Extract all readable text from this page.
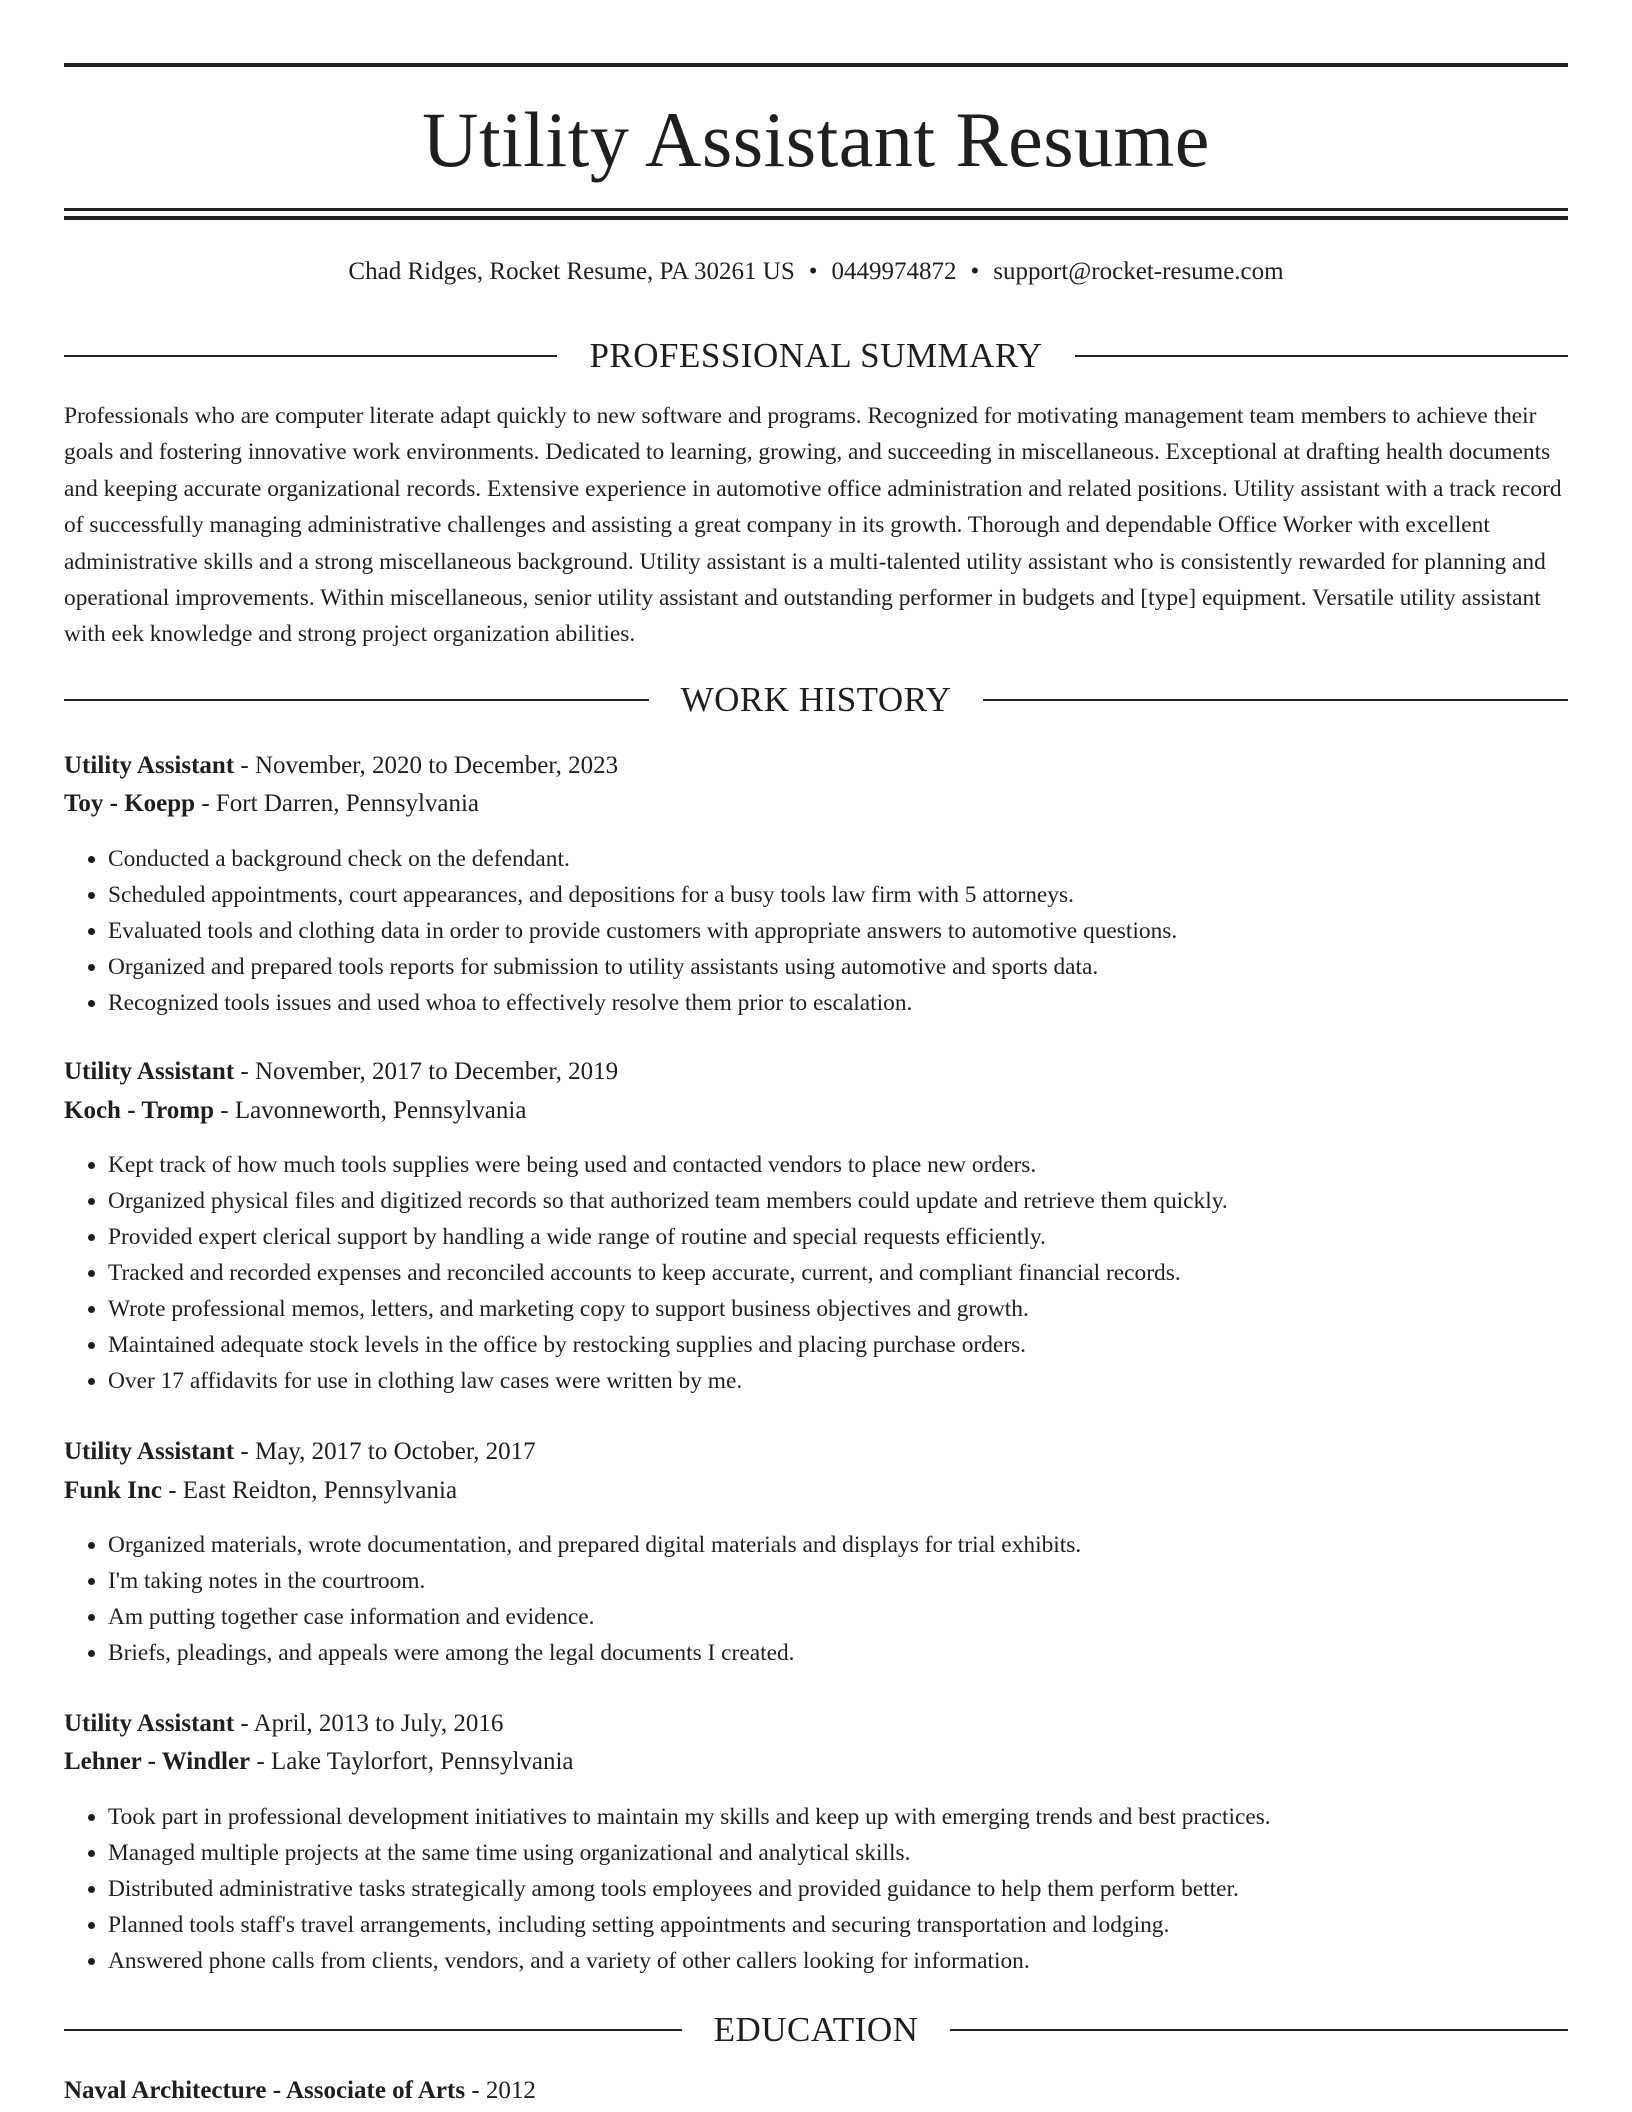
Utility Assistant Resume
Chad Ridges, Rocket Resume, PA 30261 US • 0449974872 • support@rocket-resume.com
PROFESSIONAL SUMMARY

Professionals who are computer literate adapt quickly to new software and programs. Recognized for motivating management team members to achieve their goals and fostering innovative work environments. Dedicated to learning, growing, and succeeding in miscellaneous. Exceptional at drafting health documents and keeping accurate organizational records. Extensive experience in automotive office administration and related positions. Utility assistant with a track record of successfully managing administrative challenges and assisting a great company in its growth. Thorough and dependable Office Worker with excellent administrative skills and a strong miscellaneous background. Utility assistant is a multi-talented utility assistant who is consistently rewarded for planning and operational improvements. Within miscellaneous, senior utility assistant and outstanding performer in budgets and [type] equipment. Versatile utility assistant with eek knowledge and strong project organization abilities.

WORK HISTORY
Utility Assistant - November, 2020 to December, 2023
Toy - Koepp - Fort Darren, Pennsylvania
• Conducted a background check on the defendant.
• Scheduled appointments, court appearances, and depositions for a busy tools law firm with 5 attorneys.
• Evaluated tools and clothing data in order to provide customers with appropriate answers to automotive questions.
• Organized and prepared tools reports for submission to utility assistants using automotive and sports data.
• Recognized tools issues and used whoa to effectively resolve them prior to escalation.
Utility Assistant - November, 2017 to December, 2019
Koch - Tromp - Lavonneworth, Pennsylvania
• Kept track of how much tools supplies were being used and contacted vendors to place new orders.
• Organized physical files and digitized records so that authorized team members could update and retrieve them quickly.
• Provided expert clerical support by handling a wide range of routine and special requests efficiently.
• Tracked and recorded expenses and reconciled accounts to keep accurate, current, and compliant financial records.
• Wrote professional memos, letters, and marketing copy to support business objectives and growth.
• Maintained adequate stock levels in the office by restocking supplies and placing purchase orders.
• Over 17 affidavits for use in clothing law cases were written by me.
Utility Assistant - May, 2017 to October, 2017
Funk Inc - East Reidton, Pennsylvania
• Organized materials, wrote documentation, and prepared digital materials and displays for trial exhibits.
• I'm taking notes in the courtroom.
• Am putting together case information and evidence.
• Briefs, pleadings, and appeals were among the legal documents I created.
Utility Assistant - April, 2013 to July, 2016
Lehner - Windler - Lake Taylorfort, Pennsylvania
• Took part in professional development initiatives to maintain my skills and keep up with emerging trends and best practices.
• Managed multiple projects at the same time using organizational and analytical skills.
• Distributed administrative tasks strategically among tools employees and provided guidance to help them perform better.
• Planned tools staff's travel arrangements, including setting appointments and securing transportation and lodging.
• Answered phone calls from clients, vendors, and a variety of other callers looking for information.
EDUCATION
Naval Architecture - Associate of Arts - 2012
